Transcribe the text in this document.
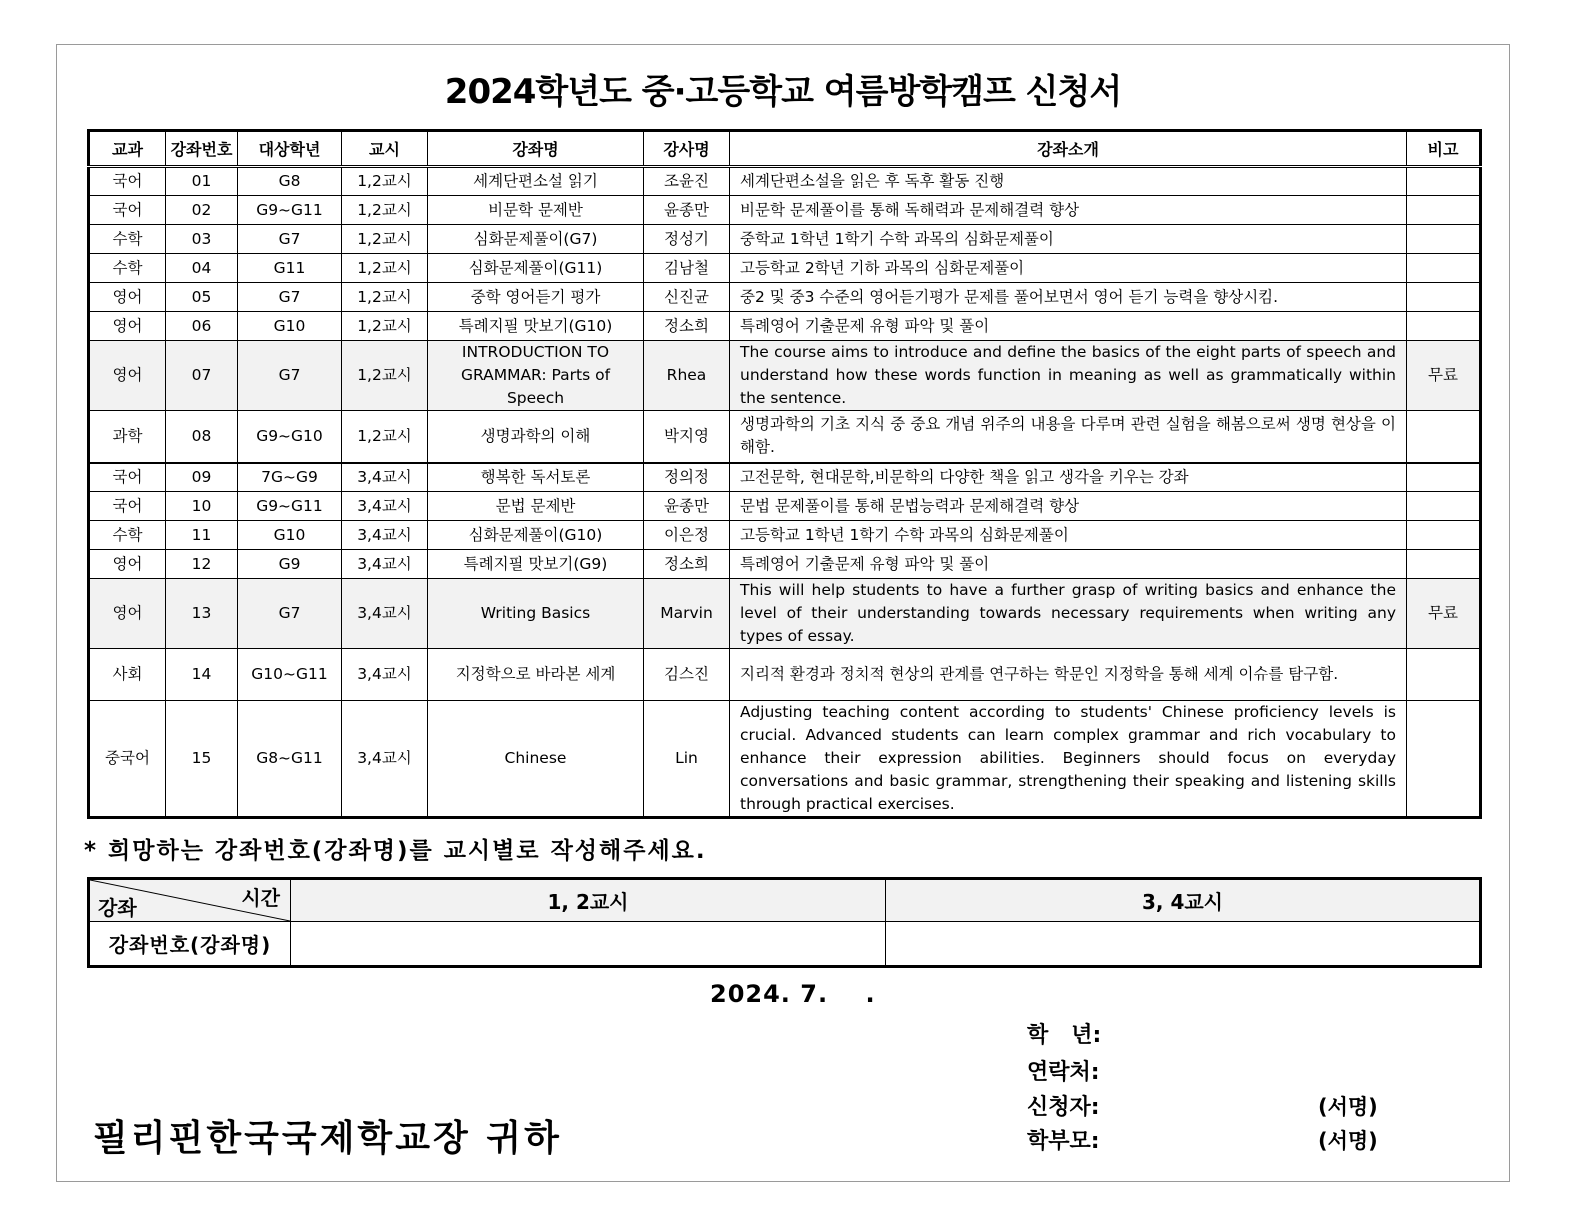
2024학년도 중·고등학교 여름방학캠프 신청서
교과	강좌번호	대상학년	교시	강좌명	강사명	강좌소개	비고
국어	01	G8	1,2교시	세계단편소설 읽기	조윤진	세계단편소설을 읽은 후 독후 활동 진행	
국어	02	G9~G11	1,2교시	비문학 문제반	윤종만	비문학 문제풀이를 통해 독해력과 문제해결력 향상	
수학	03	G7	1,2교시	심화문제풀이(G7)	정성기	중학교 1학년 1학기 수학 과목의 심화문제풀이	
수학	04	G11	1,2교시	심화문제풀이(G11)	김남철	고등학교 2학년 기하 과목의 심화문제풀이	
영어	05	G7	1,2교시	중학 영어듣기 평가	신진균	중2 및 중3 수준의 영어듣기평가 문제를 풀어보면서 영어 듣기 능력을 향상시킴.	
영어	06	G10	1,2교시	특례지필 맛보기(G10)	정소희	특례영어 기출문제 유형 파악 및 풀이	
영어	07	G7	1,2교시	INTRODUCTION TO GRAMMAR: Parts of Speech	Rhea	The course aims to introduce and define the basics of the eight parts of speech and understand how these words function in meaning as well as grammatically within the sentence.	무료
과학	08	G9~G10	1,2교시	생명과학의 이해	박지영	생명과학의 기초 지식 중 중요 개념 위주의 내용을 다루며 관련 실험을 해봄으로써 생명 현상을 이해함.	
국어	09	7G~G9	3,4교시	행복한 독서토론	정의정	고전문학, 현대문학,비문학의 다양한 책을 읽고 생각을 키우는 강좌	
국어	10	G9~G11	3,4교시	문법 문제반	윤종만	문법 문제풀이를 통해 문법능력과 문제해결력 향상	
수학	11	G10	3,4교시	심화문제풀이(G10)	이은정	고등학교 1학년 1학기 수학 과목의 심화문제풀이	
영어	12	G9	3,4교시	특례지필 맛보기(G9)	정소희	특례영어 기출문제 유형 파악 및 풀이	
영어	13	G7	3,4교시	Writing Basics	Marvin	This will help students to have a further grasp of writing basics and enhance the level of their understanding towards necessary requirements when writing any types of essay.	무료
사회	14	G10~G11	3,4교시	지정학으로 바라본 세계	김스진	지리적 환경과 정치적 현상의 관계를 연구하는 학문인 지정학을 통해 세계 이슈를 탐구함.	
중국어	15	G8~G11	3,4교시	Chinese	Lin	Adjusting teaching content according to students' Chinese proficiency levels is crucial. Advanced students can learn complex grammar and rich vocabulary to enhance their expression abilities. Beginners should focus on everyday conversations and basic grammar, strengthening their speaking and listening skills through practical exercises.	
* 희망하는 강좌번호(강좌명)를 교시별로 작성해주세요.
시간
강좌	1, 2교시	3, 4교시
강좌번호(강좌명)		
2024. 7.    .
학   년:
연락처:
신청자:
학부모:
(서명)
(서명)
필리핀한국국제학교장 귀하
